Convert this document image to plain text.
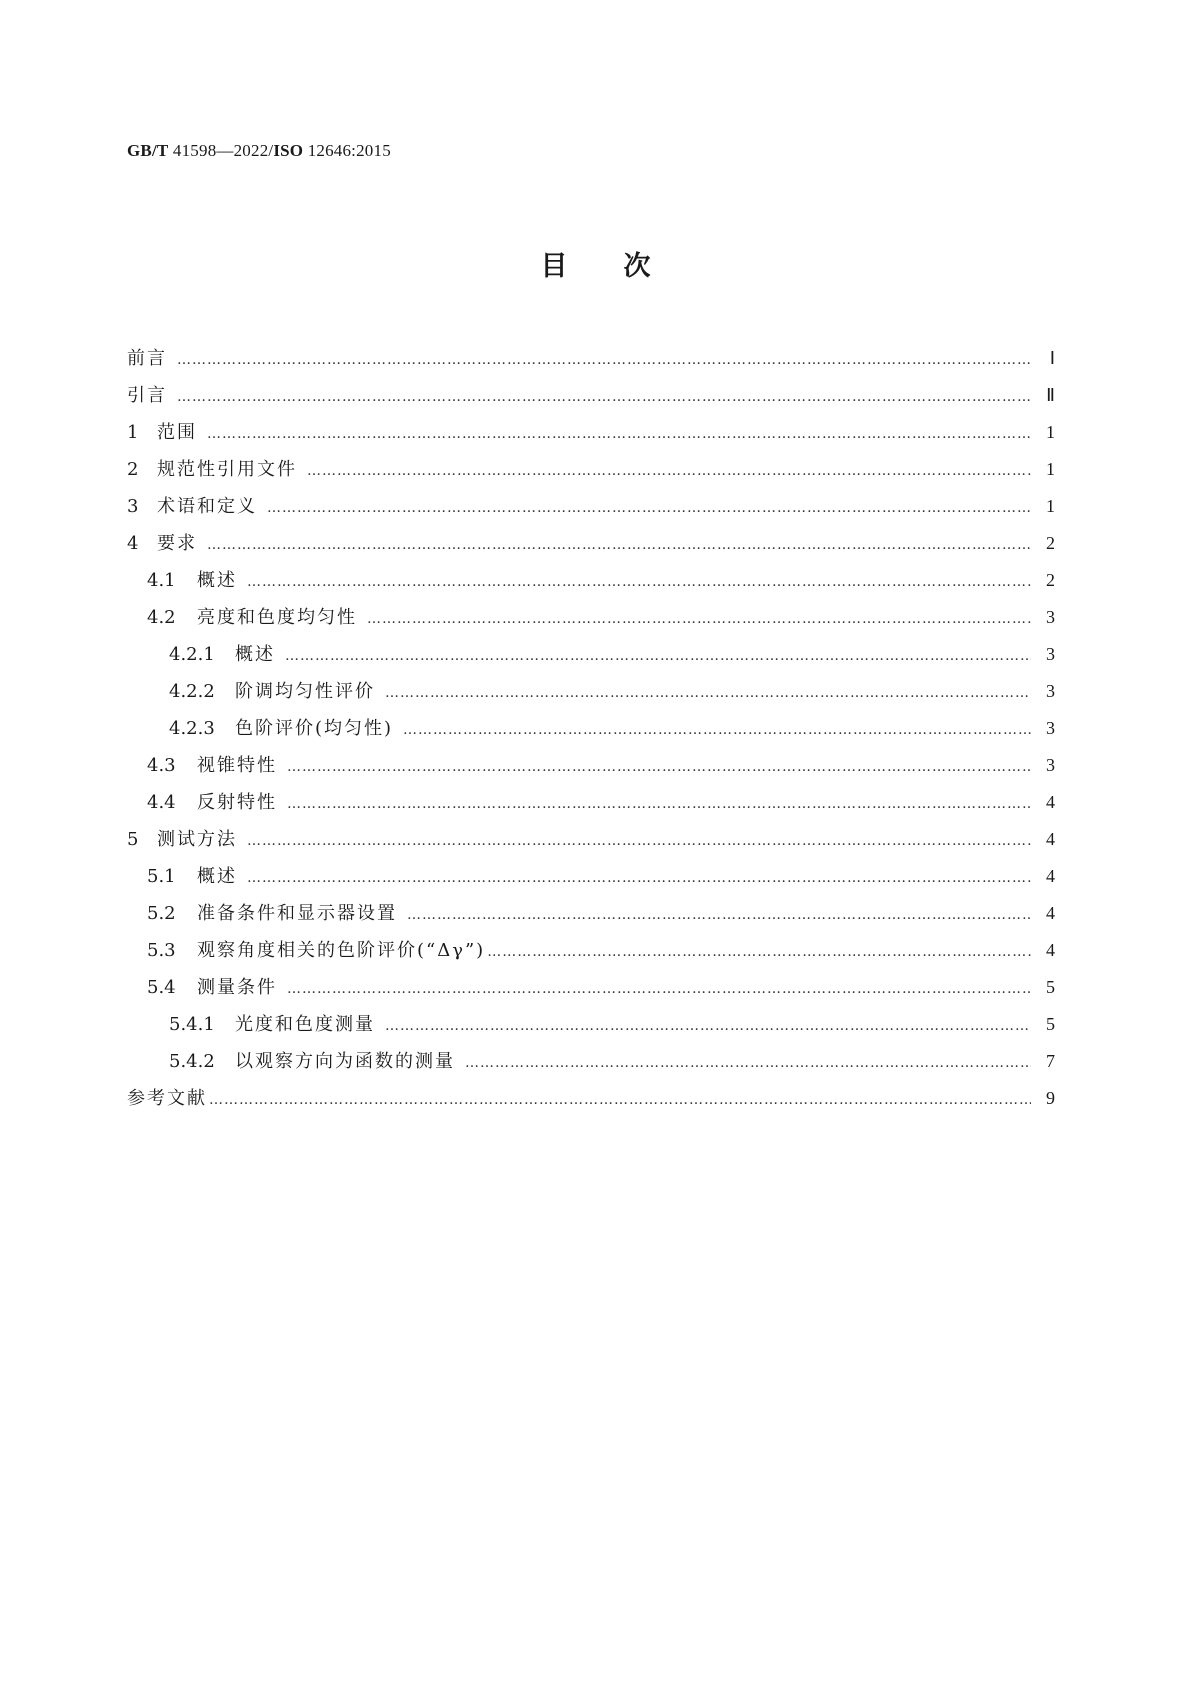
GB/T 41598—2022/ISO 12646:2015
目次
前言 …………………………………………………………………………………………………………………………………………………………………………………………………………………………	Ⅰ
引言 …………………………………………………………………………………………………………………………………………………………………………………………………………………………	Ⅱ
1	范围 …………………………………………………………………………………………………………………………………………………………………………………………………………………………	1
2	规范性引用文件 …………………………………………………………………………………………………………………………………………………………………………………………………………………………	1
3	术语和定义 …………………………………………………………………………………………………………………………………………………………………………………………………………………………	1
4	要求 …………………………………………………………………………………………………………………………………………………………………………………………………………………………	2
4.1	概述 …………………………………………………………………………………………………………………………………………………………………………………………………………………………	2
4.2	亮度和色度均匀性 …………………………………………………………………………………………………………………………………………………………………………………………………………………………	3
4.2.1	概述 …………………………………………………………………………………………………………………………………………………………………………………………………………………………	3
4.2.2	阶调均匀性评价 …………………………………………………………………………………………………………………………………………………………………………………………………………………………	3
4.2.3	色阶评价(均匀性) …………………………………………………………………………………………………………………………………………………………………………………………………………………………	3
4.3	视锥特性 …………………………………………………………………………………………………………………………………………………………………………………………………………………………	3
4.4	反射特性 …………………………………………………………………………………………………………………………………………………………………………………………………………………………	4
5	测试方法 …………………………………………………………………………………………………………………………………………………………………………………………………………………………	4
5.1	概述 …………………………………………………………………………………………………………………………………………………………………………………………………………………………	4
5.2	准备条件和显示器设置 …………………………………………………………………………………………………………………………………………………………………………………………………………………………	4
5.3	观察角度相关的色阶评价(“Δγ”) …………………………………………………………………………………………………………………………………………………………………………………………………………………………	4
5.4	测量条件 …………………………………………………………………………………………………………………………………………………………………………………………………………………………	5
5.4.1	光度和色度测量 …………………………………………………………………………………………………………………………………………………………………………………………………………………………	5
5.4.2	以观察方向为函数的测量 …………………………………………………………………………………………………………………………………………………………………………………………………………………………	7
参考文献 …………………………………………………………………………………………………………………………………………………………………………………………………………………………	9
